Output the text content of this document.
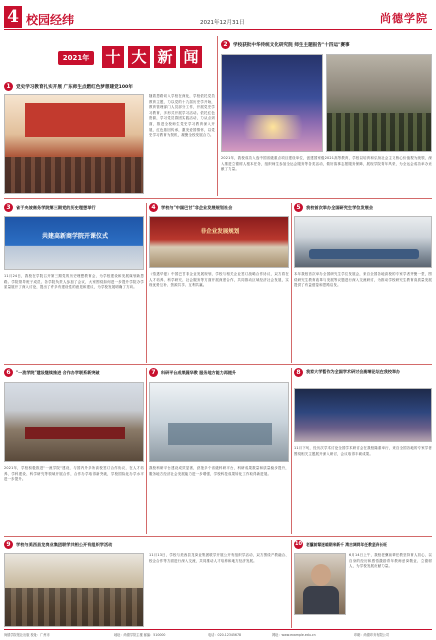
4 校园经纬	2021年12月31日	尚德学院
2021年	十 大 新 闻
1	党史学习教育扎实开展 广东师生点燃红色梦想建党100年
随着思路切入学校在深化，学校依托党员教育主题，力以党的十九届历史学开始，教育管理部门人员部分工作，开展党史学习教育，多形式开展学习活动。依托红色资源，学习党员群团实践活动，力从点到面，推进全校师生党史学习教育深入开展，红色基因传承，激发爱国情怀，以党史学习教育为契机，凝聚全校发展合力。
2	学校获批中华传统文化研究院 师生主题报告"十四运"赛事
2021年，我校成功入选中国省级重点项目建设单位，创建国家级2021高等教育，学校以培育和弘扬社会主义核心价值观为统领，深入推进立德树人根本任务，组织师生参加全运会服务等各类活动，做好赛事志愿服务保障，展现学院青年风采，为全运会成功举办贡献了力量。
3	省于央坡商务学院第三期党的历史理想举行
共建高新商学院开课仪式
11月24日，我校在学院召开第三期党的历史理想教育会，为学校建设和发展谋划新思路。学院领导班子成员、各学院负责人参加了会议，大家围绕如何进一步提升学院办学质量展开了深入讨论，提出了许多有建设性的意见和建议，为学校发展明确了方向。
4	学校与"中国巴甘"非企业发展规划社会
非企业发展规划
《悟透华夏》中国巴甘非企业发展规划，学校与相关企业签订战略合作协议，双方将在人才培养、科学研究、社会服务等方面开展深度合作，共同推动区域经济社会发展，实现优势互补、资源共享、互利共赢。
5	我校首次举办全国研究生学位发展会
本年我校首次举办全国研究生学位发展会，来自全国各地高校的专家学者齐聚一堂，围绕研究生教育改革与发展等议题进行深入交流研讨，为推动学校研究生教育高质量发展提供了有益借鉴和思路启发。
6	"一流学院"建设继续推进 合作办学联系新突破
2021年，学校积极推进"一流学院"建设，与国内外多所高校签订合作协议，在人才培养、学科建设、科学研究等领域开展合作，合作办学取得新突破，学校国际化办学水平进一步提升。
7	科研平台成果蔬华教 服务地方能力再提升
我校科研平台建设成效显著，获批多个省级科研平台，科研成果数量和质量稳步提升，服务地方经济社会发展能力进一步增强，学校科技成果转化工作取得新进展。
8	我家大学暂作为全国学术研讨会高端论坛在我校举办
11月下旬，经历次学术讨论全国学术研讨会在我校隆重举行，来自全国各地的专家学者围绕相关主题展开深入研讨，会议取得丰硕成果。
9	学校与美西县龙岗业集团联学共相公开有组织学活动
11月13日，学校与美西县龙岗业集团联学开展公开有组织学活动，双方围绕产教融合、校企合作等方面进行深入交流，共同推动人才培养和地方经济发展。
10 老骥前辈迷暗期来新千 湾古调同年任教坚弃长旺
6月14日上午，我校老骥前辈任教坚持育人初心，以自身的经历和感悟激励青年教师爱岗敬业、立德树人，为学校发展贡献力量。
尚德学院报社出版 校址：广州市	地址：尚德学院主楼 邮编：510000	电话：020-12345678	网址：www.example.edu.cn	印刷：尚德印务有限公司
